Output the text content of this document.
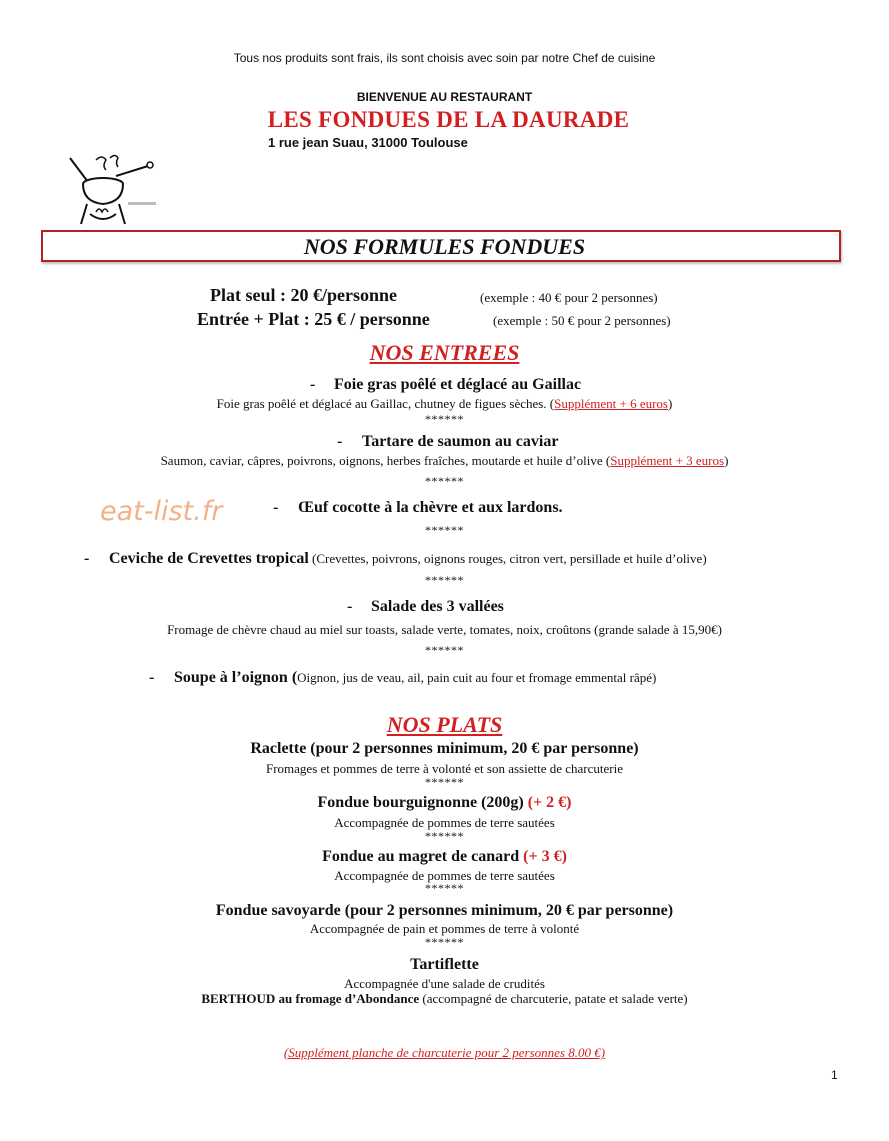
Tous nos produits sont frais, ils sont choisis avec soin par notre Chef de cuisine
BIENVENUE AU RESTAURANT
LES FONDUES DE LA DAURADE
1 rue jean Suau, 31000 Toulouse
NOS FORMULES FONDUES
Plat seul : 20 €/personne	(exemple : 40 € pour 2 personnes)
Entrée + Plat : 25 € / personne	(exemple : 50 € pour 2 personnes)
NOS ENTREES
- Foie gras poêlé et déglacé au Gaillac
Foie gras poêlé et déglacé au Gaillac, chutney de figues sèches. (Supplément + 6 euros)
******
- Tartare de saumon au caviar
Saumon, caviar, câpres, poivrons, oignons, herbes fraîches, moutarde et huile d’olive (Supplément + 3 euros)
******
eat-list.fr	- Œuf cocotte à la chèvre et aux lardons.
******
- Ceviche de Crevettes tropical (Crevettes, poivrons, oignons rouges, citron vert, persillade et huile d’olive)
******
- Salade des 3 vallées
Fromage de chèvre chaud au miel sur toasts, salade verte, tomates, noix, croûtons (grande salade à 15,90€)
******
- Soupe à l’oignon (Oignon, jus de veau, ail, pain cuit au four et fromage emmental râpé)
NOS PLATS
Raclette (pour 2 personnes minimum, 20 € par personne)
Fromages et pommes de terre à volonté et son assiette de charcuterie
******
Fondue bourguignonne (200g) (+ 2 €)
Accompagnée de pommes de terre sautées
******
Fondue au magret de canard (+ 3 €)
Accompagnée de pommes de terre sautées
******
Fondue savoyarde (pour 2 personnes minimum, 20 € par personne)
Accompagnée de pain et pommes de terre à volonté
******
Tartiflette
Accompagnée d'une salade de crudités
BERTHOUD au fromage d’Abondance (accompagné de charcuterie, patate et salade verte)
(Supplément planche de charcuterie pour 2 personnes 8.00 €)
1
